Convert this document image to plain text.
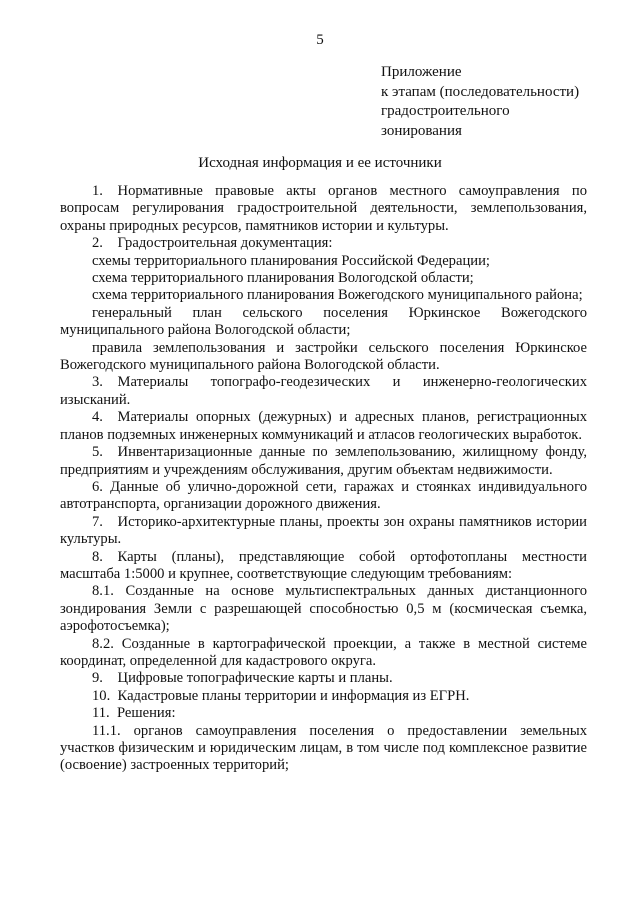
5
Приложение
к этапам (последовательности)
градостроительного
зонирования
Исходная информация и ее источники

1. Нормативные правовые акты органов местного самоуправления по вопросам регулирования градостроительной деятельности, землепользования, охраны природных ресурсов, памятников истории и культуры.

2. Градостроительная документация:

схемы территориального планирования Российской Федерации;

схема территориального планирования Вологодской области;

схема территориального планирования Вожегодского муниципального района;

генеральный план сельского поселения Юркинское Вожегодского муниципального района Вологодской области;

правила землепользования и застройки сельского поселения Юркинское Вожегодского муниципального района Вологодской области.

3. Материалы топографо-геодезических и инженерно-геологических изысканий.

4. Материалы опорных (дежурных) и адресных планов, регистрационных планов подземных инженерных коммуникаций и атласов геологических выработок.

5. Инвентаризационные данные по землепользованию, жилищному фонду, предприятиям и учреждениям обслуживания, другим объектам недвижимости.

6. Данные об улично-дорожной сети, гаражах и стоянках индивидуального автотранспорта, организации дорожного движения.

7. Историко-архитектурные планы, проекты зон охраны памятников истории культуры.

8. Карты (планы), представляющие собой ортофотопланы местности масштаба 1:5000 и крупнее, соответствующие следующим требованиям:

8.1. Созданные на основе мультиспектральных данных дистанционного зондирования Земли с разрешающей способностью 0,5 м (космическая съемка, аэрофотосъемка);

8.2. Созданные в картографической проекции, а также в местной системе координат, определенной для кадастрового округа.

9. Цифровые топографические карты и планы.

10. Кадастровые планы территории и информация из ЕГРН.

11. Решения:

11.1. органов самоуправления поселения о предоставлении земельных участков физическим и юридическим лицам, в том числе под комплексное развитие (освоение) застроенных территорий;
